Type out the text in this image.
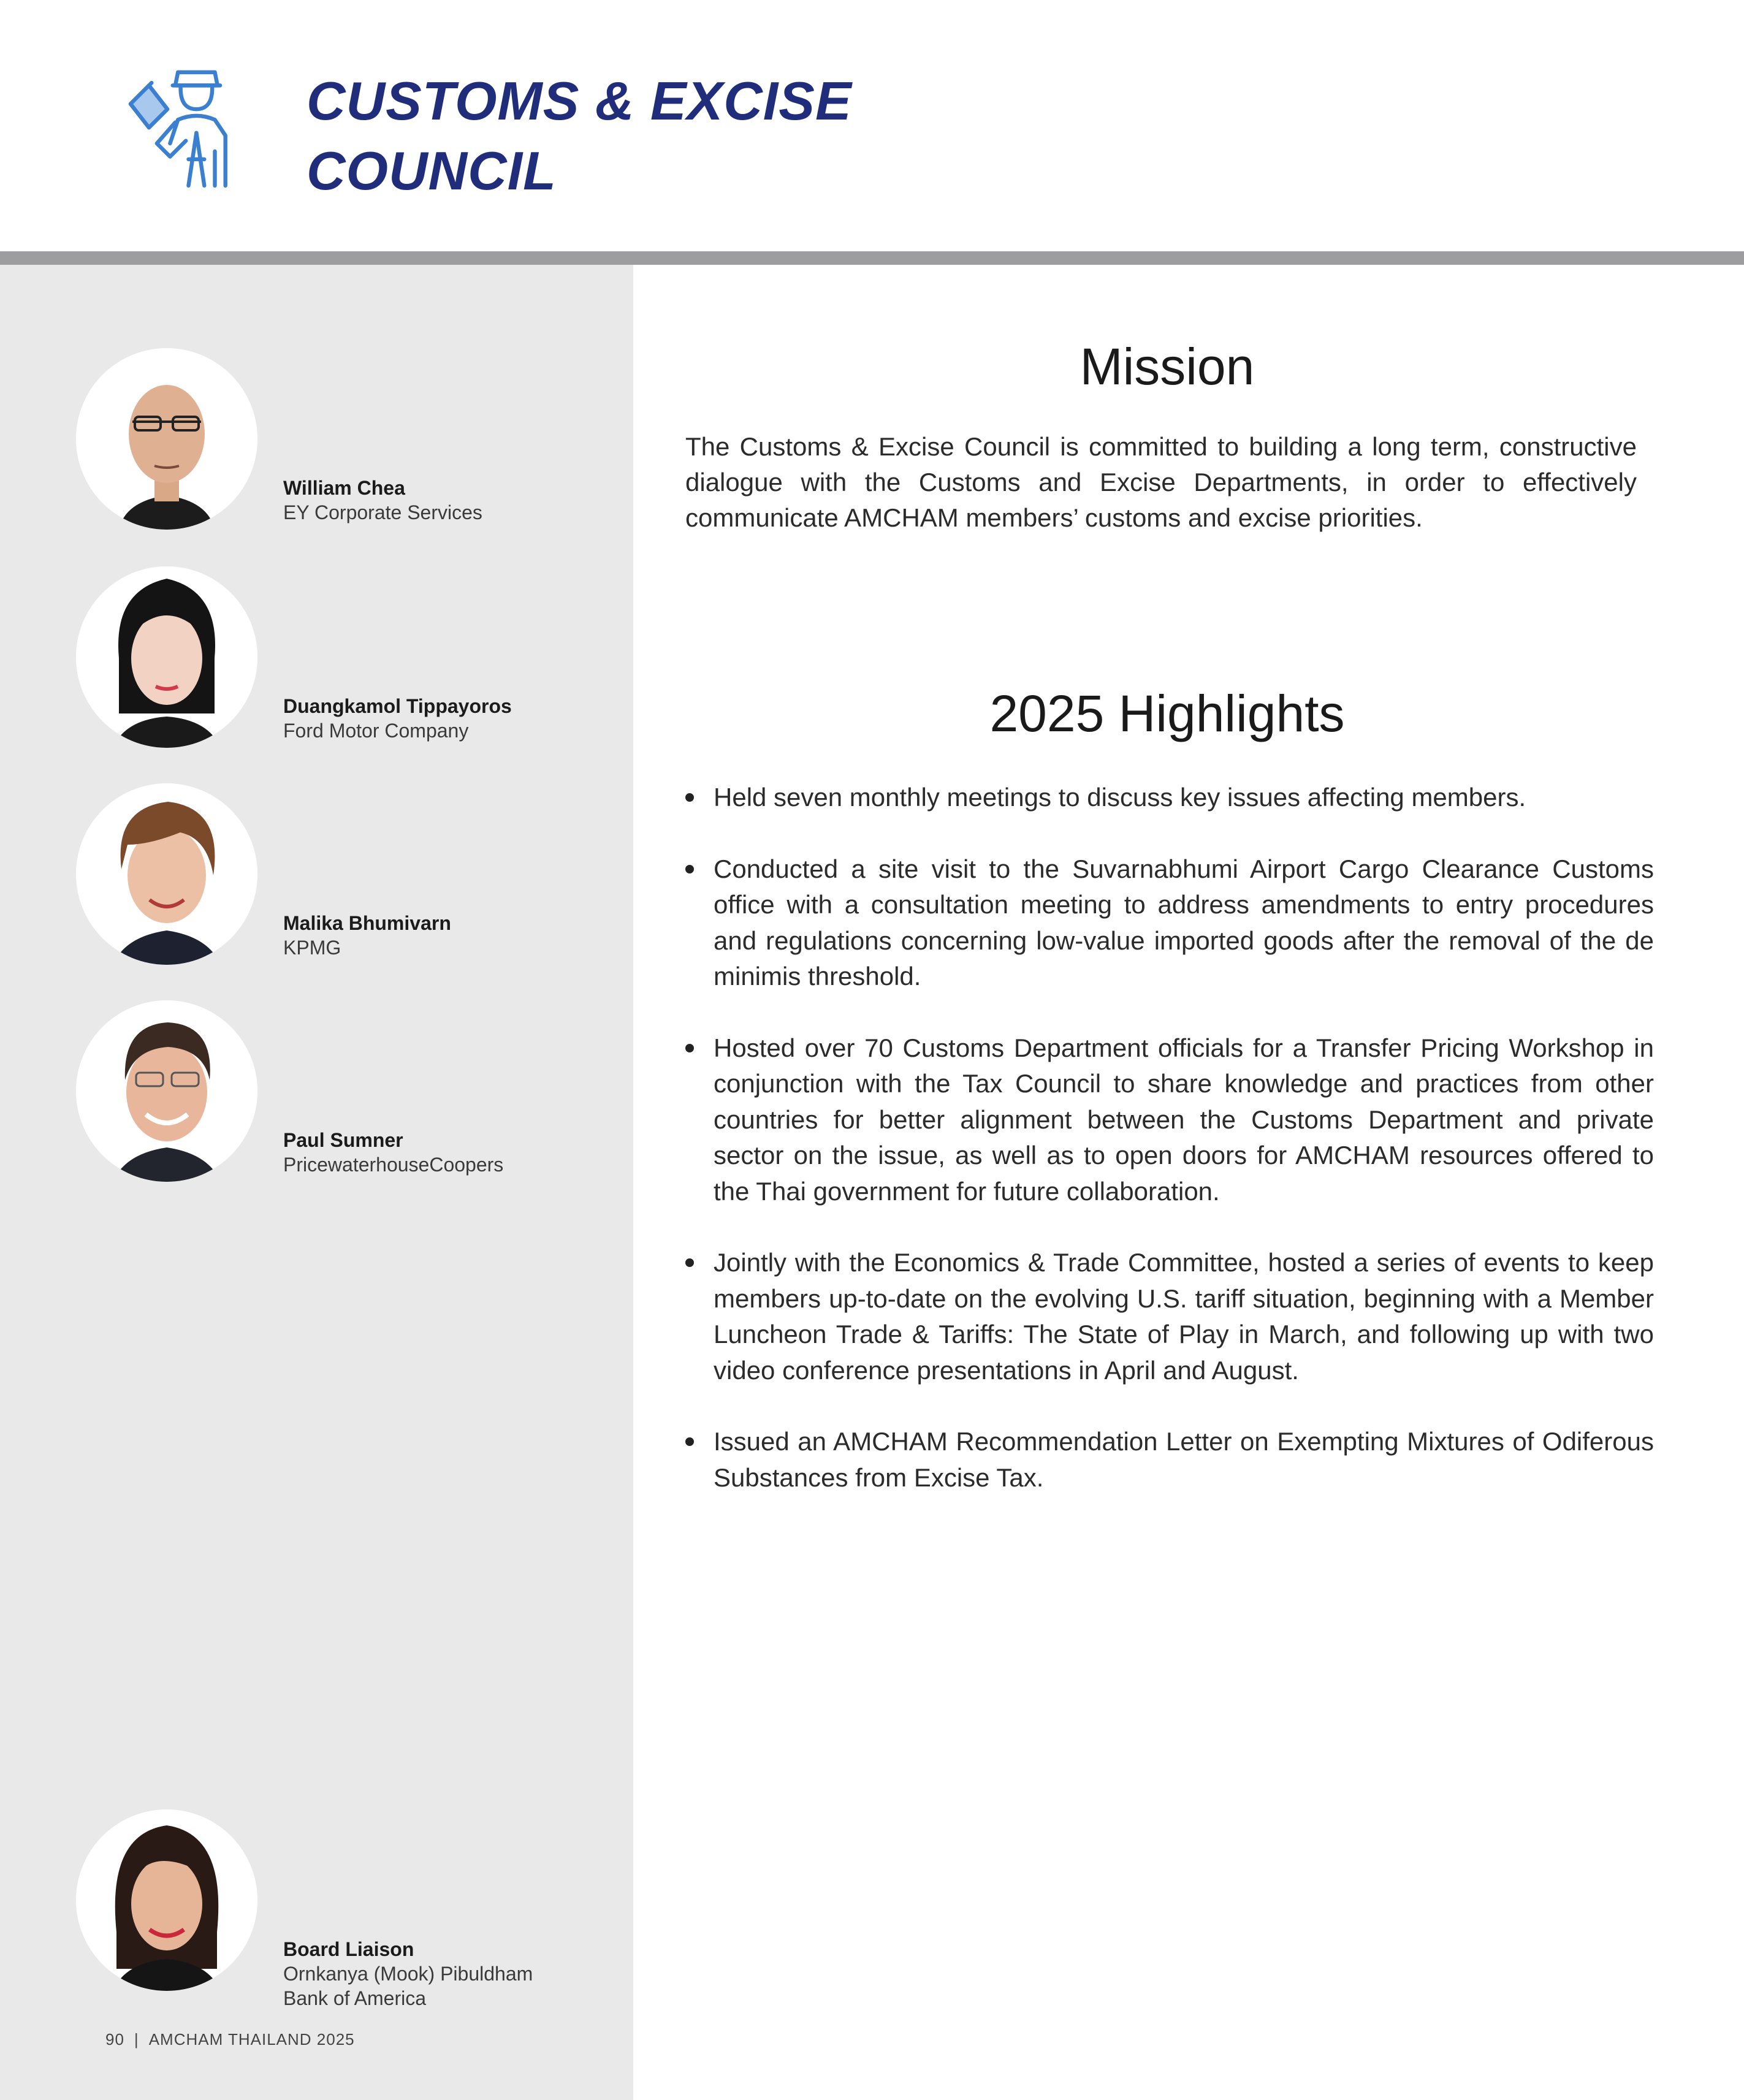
CUSTOMS & EXCISE
COUNCIL
William Chea
EY Corporate Services
Duangkamol Tippayoros
Ford Motor Company
Malika Bhumivarn
KPMG
Paul Sumner
PricewaterhouseCoopers
Board Liaison
Ornkanya (Mook) Pibuldham
Bank of America
90 | AMCHAM THAILAND 2025
Mission

The Customs & Excise Council is committed to building a long term, constructive dialogue with the Customs and Excise Departments, in order to effectively communicate AMCHAM members’ customs and excise priorities.

2025 Highlights
Held seven monthly meetings to discuss key issues affecting members.
Conducted a site visit to the Suvarnabhumi Airport Cargo Clearance Customs office with a consultation meeting to address amendments to entry procedures and regulations concerning low-value imported goods after the removal of the de minimis threshold.
Hosted over 70 Customs Department officials for a Transfer Pricing Workshop in conjunction with the Tax Council to share knowledge and practices from other countries for better alignment between the Customs Department and private sector on the issue, as well as to open doors for AMCHAM resources offered to the Thai government for future collaboration.
Jointly with the Economics & Trade Committee, hosted a series of events to keep members up-to-date on the evolving U.S. tariff situation, beginning with a Member Luncheon Trade & Tariffs: The State of Play in March, and following up with two video conference presentations in April and August.
Issued an AMCHAM Recommendation Letter on Exempting Mixtures of Odiferous Substances from Excise Tax.
